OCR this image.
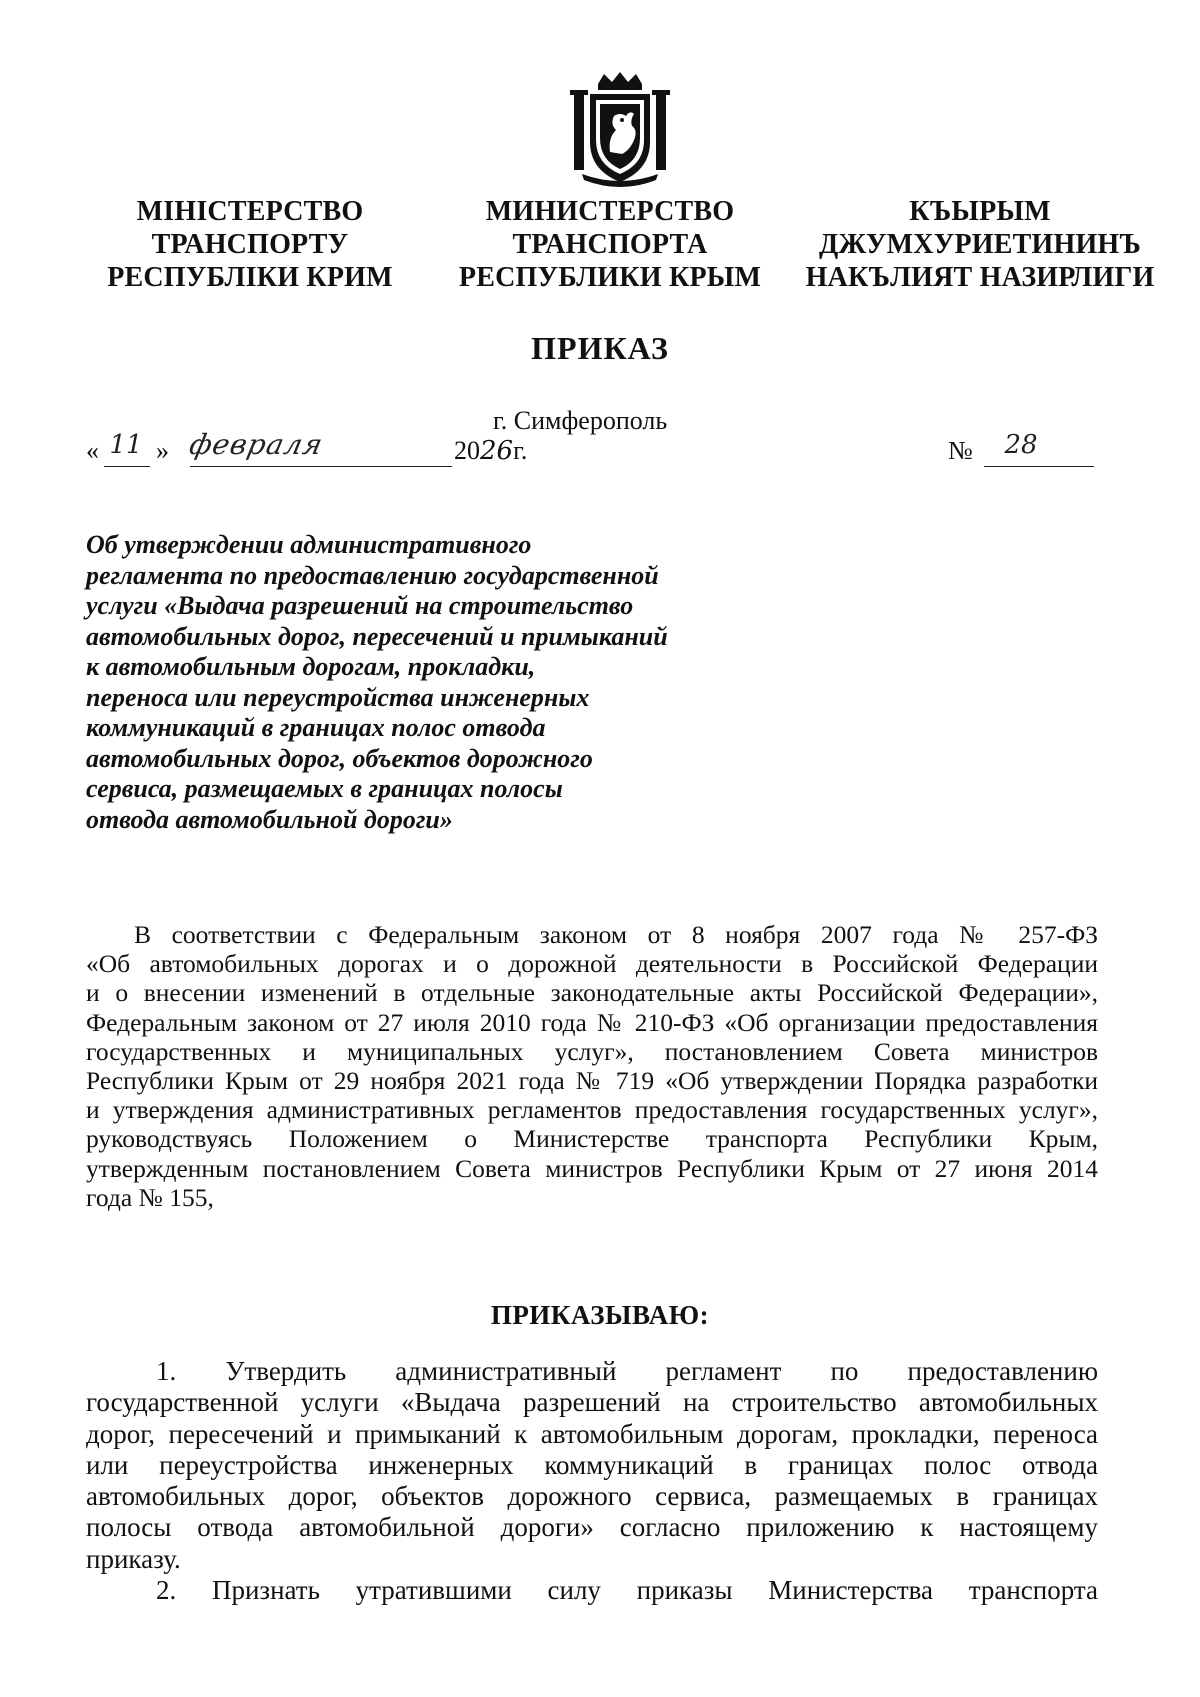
МІНІСТЕРСТВО
ТРАНСПОРТУ
РЕСПУБЛІКИ КРИМ
МИНИСТЕРСТВО
ТРАНСПОРТА
РЕСПУБЛИКИ КРЫМ
КЪЫРЫМ
ДЖУМХУРИЕТИНИНЪ
НАКЪЛИЯТ НАЗИРЛИГИ
ПРИКАЗ
г. Симферополь
« 11 » февраля	2026г.	№	28
Об утверждении административного
регламента по предоставлению государственной
услуги «Выдача разрешений на строительство
автомобильных дорог, пересечений и примыканий
к автомобильным дорогам, прокладки,
переноса или переустройства инженерных
коммуникаций в границах полос отвода
автомобильных дорог, объектов дорожного
сервиса, размещаемых в границах полосы
отвода автомобильной дороги»
В соответствии с Федеральным законом от 8 ноября 2007 года № 257-ФЗ
«Об автомобильных дорогах и о дорожной деятельности в Российской Федерации
и о внесении изменений в отдельные законодательные акты Российской Федерации»,
Федеральным законом от 27 июля 2010 года № 210-ФЗ «Об организации предоставления
государственных и муниципальных услуг», постановлением Совета министров
Республики Крым от 29 ноября 2021 года № 719 «Об утверждении Порядка разработки
и утверждения административных регламентов предоставления государственных услуг»,
руководствуясь Положением о Министерстве транспорта Республики Крым,
утвержденным постановлением Совета министров Республики Крым от 27 июня 2014
года № 155,
ПРИКАЗЫВАЮ:
1. Утвердить административный регламент по предоставлению
государственной услуги «Выдача разрешений на строительство автомобильных
дорог, пересечений и примыканий к автомобильным дорогам, прокладки, переноса
или переустройства инженерных коммуникаций в границах полос отвода
автомобильных дорог, объектов дорожного сервиса, размещаемых в границах
полосы отвода автомобильной дороги» согласно приложению к настоящему
приказу.
2. Признать утратившими силу приказы Министерства транспорта
